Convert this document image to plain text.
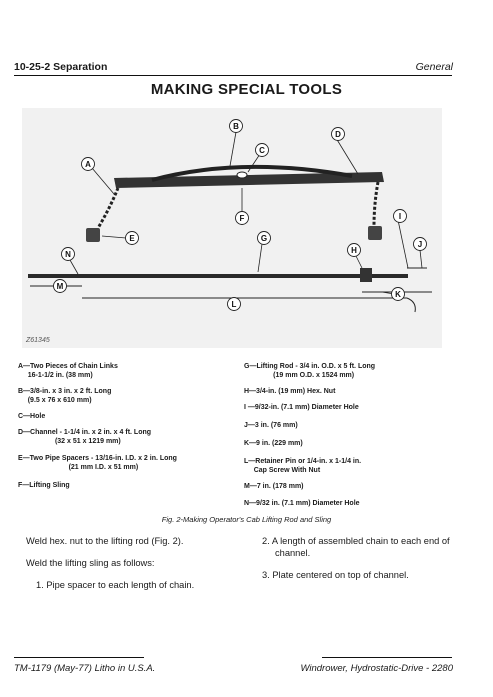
10-25-2 Separation	General
MAKING SPECIAL TOOLS
B
C
D
A
E
F
G
H
I
J
K
L
M
N
Z61345
A—Two Pieces of Chain Links
16-1-1/2 in. (38 mm)
B—3/8-in. x 3 in. x 2 ft. Long
(9.5 x 76 x 610 mm)
C—Hole
D—Channel - 1-1/4 in. x 2 in. x 4 ft. Long
(32 x 51 x 1219 mm)
E—Two Pipe Spacers - 13/16-in. I.D. x 2 in. Long
(21 mm I.D. x 51 mm)
F—Lifting Sling
G—Lifting Rod - 3/4 in. O.D. x 5 ft. Long
(19 mm O.D. x 1524 mm)
H—3/4-in. (19 mm) Hex. Nut
I —9/32-in. (7.1 mm) Diameter Hole
J—3 in. (76 mm)
K—9 in. (229 mm)
L—Retainer Pin or 1/4-in. x 1-1/4 in.
Cap Screw With Nut
M—7 in. (178 mm)
N—9/32 in. (7.1 mm) Diameter Hole
Fig. 2-Making Operator's Cab Lifting Rod and Sling
Weld hex. nut to the lifting rod (Fig. 2).
Weld the lifting sling as follows:
1. Pipe spacer to each length of chain.
2. A length of assembled chain to each end of
channel.
3. Plate centered on top of channel.
TM-1179 (May-77) Litho in U.S.A.	Windrower, Hydrostatic-Drive - 2280
